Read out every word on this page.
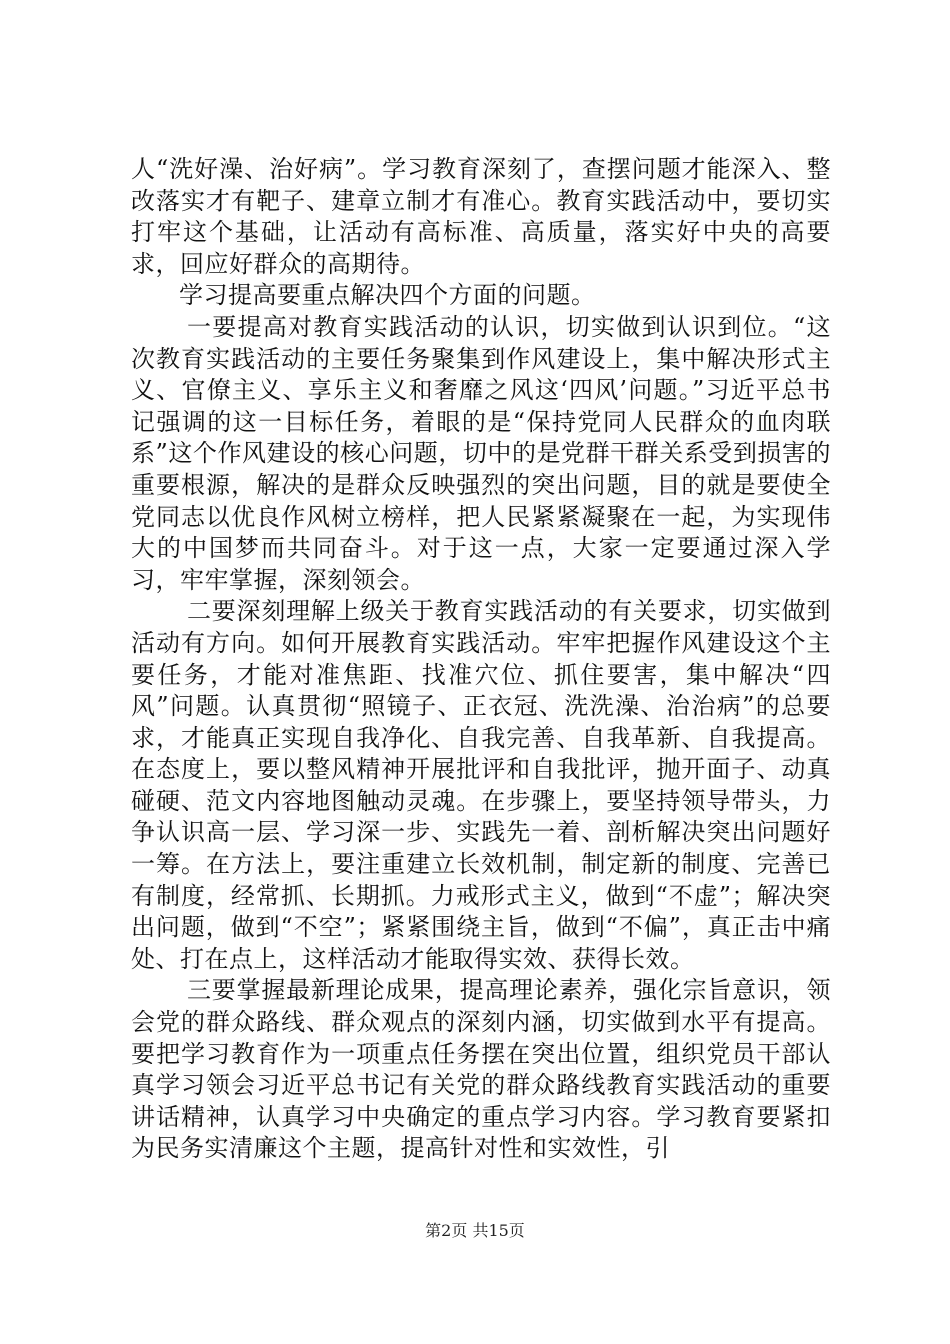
人“洗好澡、治好病”。学习教育深刻了，查摆问题才能深入、整改落实才有靶子、建章立制才有准心。教育实践活动中，要切实打牢这个基础，让活动有高标准、高质量，落实好中央的高要求，回应好群众的高期待。

学习提高要重点解决四个方面的问题。

一要提高对教育实践活动的认识，切实做到认识到位。“这次教育实践活动的主要任务聚集到作风建设上，集中解决形式主义、官僚主义、享乐主义和奢靡之风这‘四风’问题。”习近平总书记强调的这一目标任务，着眼的是“保持党同人民群众的血肉联系”这个作风建设的核心问题，切中的是党群干群关系受到损害的重要根源，解决的是群众反映强烈的突出问题，目的就是要使全党同志以优良作风树立榜样，把人民紧紧凝聚在一起，为实现伟大的中国梦而共同奋斗。对于这一点，大家一定要通过深入学习，牢牢掌握，深刻领会。

二要深刻理解上级关于教育实践活动的有关要求，切实做到活动有方向。如何开展教育实践活动。牢牢把握作风建设这个主要任务，才能对准焦距、找准穴位、抓住要害，集中解决“四风”问题。认真贯彻“照镜子、正衣冠、洗洗澡、治治病”的总要求，才能真正实现自我净化、自我完善、自我革新、自我提高。在态度上，要以整风精神开展批评和自我批评，抛开面子、动真碰硬、范文内容地图触动灵魂。在步骤上，要坚持领导带头，力争认识高一层、学习深一步、实践先一着、剖析解决突出问题好一筹。在方法上，要注重建立长效机制，制定新的制度、完善已有制度，经常抓、长期抓。力戒形式主义，做到“不虚”；解决突出问题，做到“不空”；紧紧围绕主旨，做到“不偏”，真正击中痛处、打在点上，这样活动才能取得实效、获得长效。

三要掌握最新理论成果，提高理论素养，强化宗旨意识，领会党的群众路线、群众观点的深刻内涵，切实做到水平有提高。要把学习教育作为一项重点任务摆在突出位置，组织党员干部认真学习领会习近平总书记有关党的群众路线教育实践活动的重要讲话精神，认真学习中央确定的重点学习内容。学习教育要紧扣为民务实清廉这个主题，提高针对性和实效性，引

第2页 共15页
